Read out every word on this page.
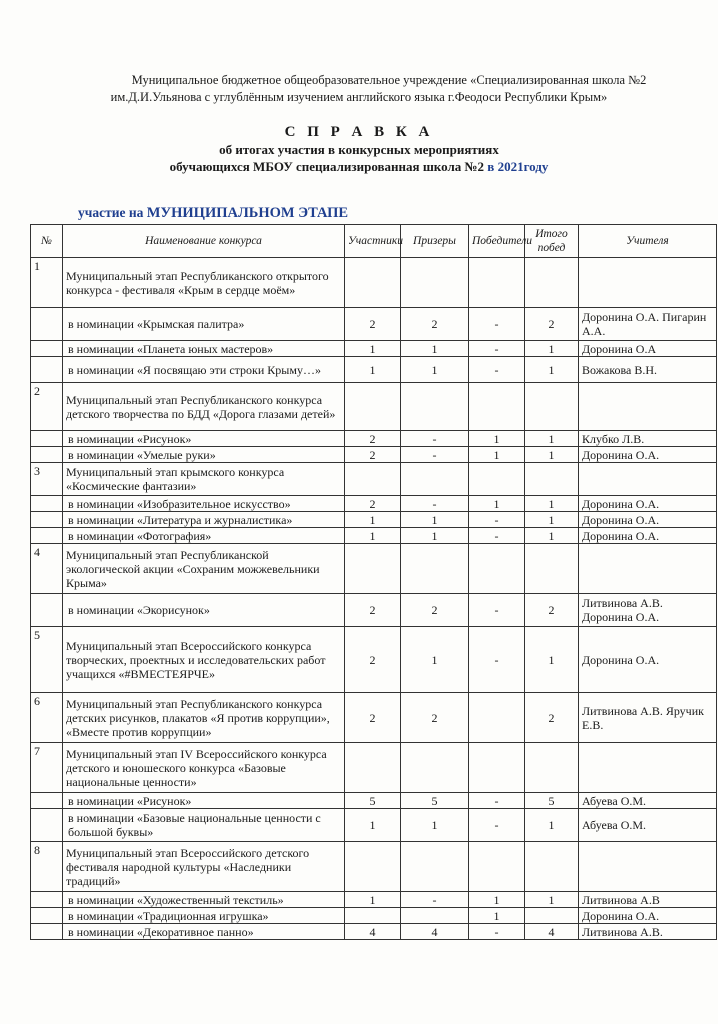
Муниципальное бюджетное общеобразовательное учреждение «Специализированная школа №2
им.Д.И.Ульянова с углублённым изучением английского языка г.Феодоси Республики Крым»
С П Р А В К А
об итогах участия в конкурсных мероприятиях
обучающихся МБОУ специализированная школа №2 в 2021году
участие на МУНИЦИПАЛЬНОМ ЭТАПЕ
№	Наименование конкурса	Участники	Призеры	Победители	Итого побед	Учителя
1	Муниципальный этап Республиканского открытого конкурса - фестиваля «Крым в сердце моём»					
	в номинации «Крымская палитра»	2	2	-	2	Доронина О.А. Пигарин А.А.
	в номинации «Планета юных мастеров»	1	1	-	1	Доронина О.А
	в номинации «Я посвящаю эти строки Крыму…»	1	1	-	1	Вожакова В.Н.
2	Муниципальный этап Республиканского конкурса детского творчества по БДД «Дорога глазами детей»					
	в номинации «Рисунок»	2	-	1	1	Клубко Л.В.
	в номинации «Умелые руки»	2	-	1	1	Доронина О.А.
3	Муниципальный этап крымского конкурса «Космические фантазии»					
	в номинации «Изобразительное искусство»	2	-	1	1	Доронина О.А.
	в номинации «Литература и журналистика»	1	1	-	1	Доронина О.А.
	в номинации «Фотография»	1	1	-	1	Доронина О.А.
4	Муниципальный этап Республиканской экологической акции «Сохраним можжевельники Крыма»					
	в номинации «Экорисунок»	2	2	-	2	Литвинова А.В. Доронина О.А.
5	Муниципальный этап Всероссийского конкурса творческих, проектных и исследовательских работ учащихся «#ВМЕСТЕЯРЧЕ»	2	1	-	1	Доронина О.А.
6	Муниципальный этап Республиканского конкурса детских рисунков, плакатов «Я против коррупции», «Вместе против коррупции»	2	2		2	Литвинова А.В. Яручик Е.В.
7	Муниципальный этап IV Всероссийского конкурса детского и юношеского конкурса «Базовые национальные ценности»					
	в номинации «Рисунок»	5	5	-	5	Абуева О.М.
	в номинации «Базовые национальные ценности с большой буквы»	1	1	-	1	Абуева О.М.
8	Муниципальный этап Всероссийского детского фестиваля народной культуры «Наследники традиций»					
	в номинации «Художественный текстиль»	1	-	1	1	Литвинова А.В
	в номинации «Традиционная игрушка»			1		Доронина О.А.
	в номинации «Декоративное панно»	4	4	-	4	Литвинова А.В.
